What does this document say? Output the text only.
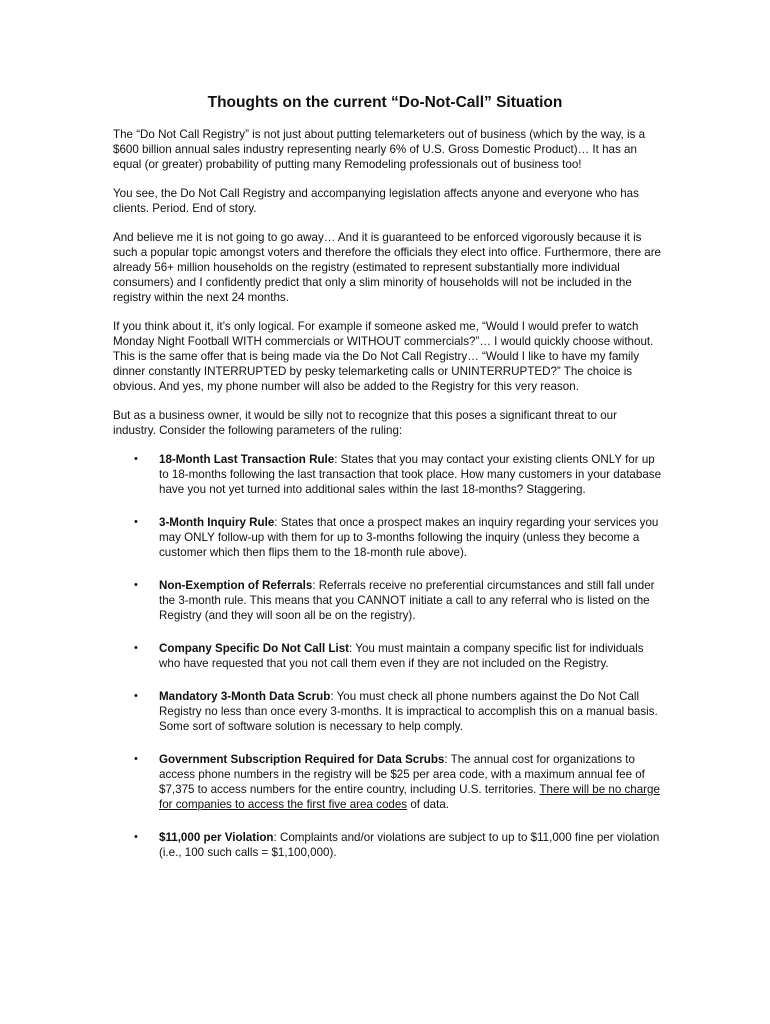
Thoughts on the current “Do-Not-Call” Situation

The “Do Not Call Registry” is not just about putting telemarketers out of business (which by the way, is a $600 billion annual sales industry representing nearly 6% of U.S. Gross Domestic Product)… It has an equal (or greater) probability of putting many Remodeling professionals out of business too!

You see, the Do Not Call Registry and accompanying legislation affects anyone and everyone who has clients. Period. End of story.

And believe me it is not going to go away… And it is guaranteed to be enforced vigorously because it is such a popular topic amongst voters and therefore the officials they elect into office. Furthermore, there are already 56+ million households on the registry (estimated to represent substantially more individual consumers) and I confidently predict that only a slim minority of households will not be included in the registry within the next 24 months.

If you think about it, it’s only logical. For example if someone asked me, “Would I would prefer to watch Monday Night Football WITH commercials or WITHOUT commercials?”… I would quickly choose without. This is the same offer that is being made via the Do Not Call Registry… “Would I like to have my family dinner constantly INTERRUPTED by pesky telemarketing calls or UNINTERRUPTED?” The choice is obvious. And yes, my phone number will also be added to the Registry for this very reason.

But as a business owner, it would be silly not to recognize that this poses a significant threat to our industry. Consider the following parameters of the ruling:

• 18-Month Last Transaction Rule: States that you may contact your existing clients ONLY for up to 18-months following the last transaction that took place. How many customers in your database have you not yet turned into additional sales within the last 18-months? Staggering.
• 3-Month Inquiry Rule: States that once a prospect makes an inquiry regarding your services you may ONLY follow-up with them for up to 3-months following the inquiry (unless they become a customer which then flips them to the 18-month rule above).
• Non-Exemption of Referrals: Referrals receive no preferential circumstances and still fall under the 3-month rule. This means that you CANNOT initiate a call to any referral who is listed on the Registry (and they will soon all be on the registry).
• Company Specific Do Not Call List: You must maintain a company specific list for individuals who have requested that you not call them even if they are not included on the Registry.
• Mandatory 3-Month Data Scrub: You must check all phone numbers against the Do Not Call Registry no less than once every 3-months. It is impractical to accomplish this on a manual basis. Some sort of software solution is necessary to help comply.
• Government Subscription Required for Data Scrubs: The annual cost for organizations to access phone numbers in the registry will be $25 per area code, with a maximum annual fee of $7,375 to access numbers for the entire country, including U.S. territories. There will be no charge for companies to access the first five area codes of data.
• $11,000 per Violation: Complaints and/or violations are subject to up to $11,000 fine per violation (i.e., 100 such calls = $1,100,000).
